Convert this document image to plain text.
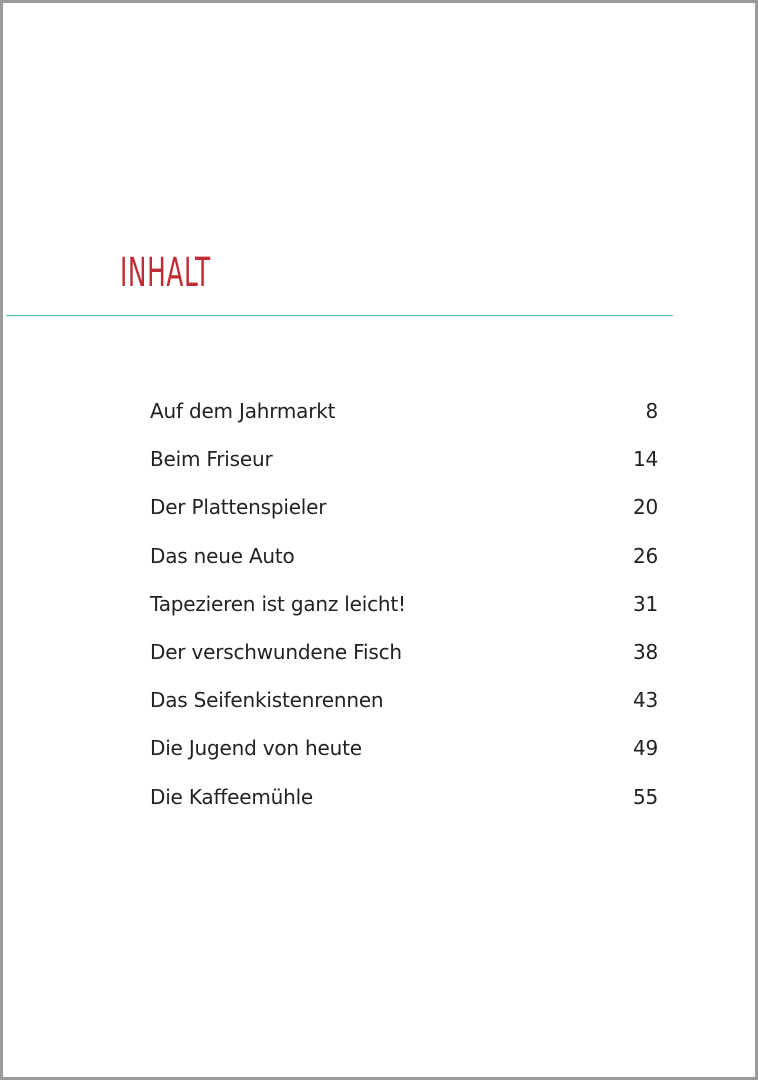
INHALT
Auf dem Jahrmarkt	8
Beim Friseur	14
Der Plattenspieler	20
Das neue Auto	26
Tapezieren ist ganz leicht!	31
Der verschwundene Fisch	38
Das Seifenkistenrennen	43
Die Jugend von heute	49
Die Kaffeemühle	55
